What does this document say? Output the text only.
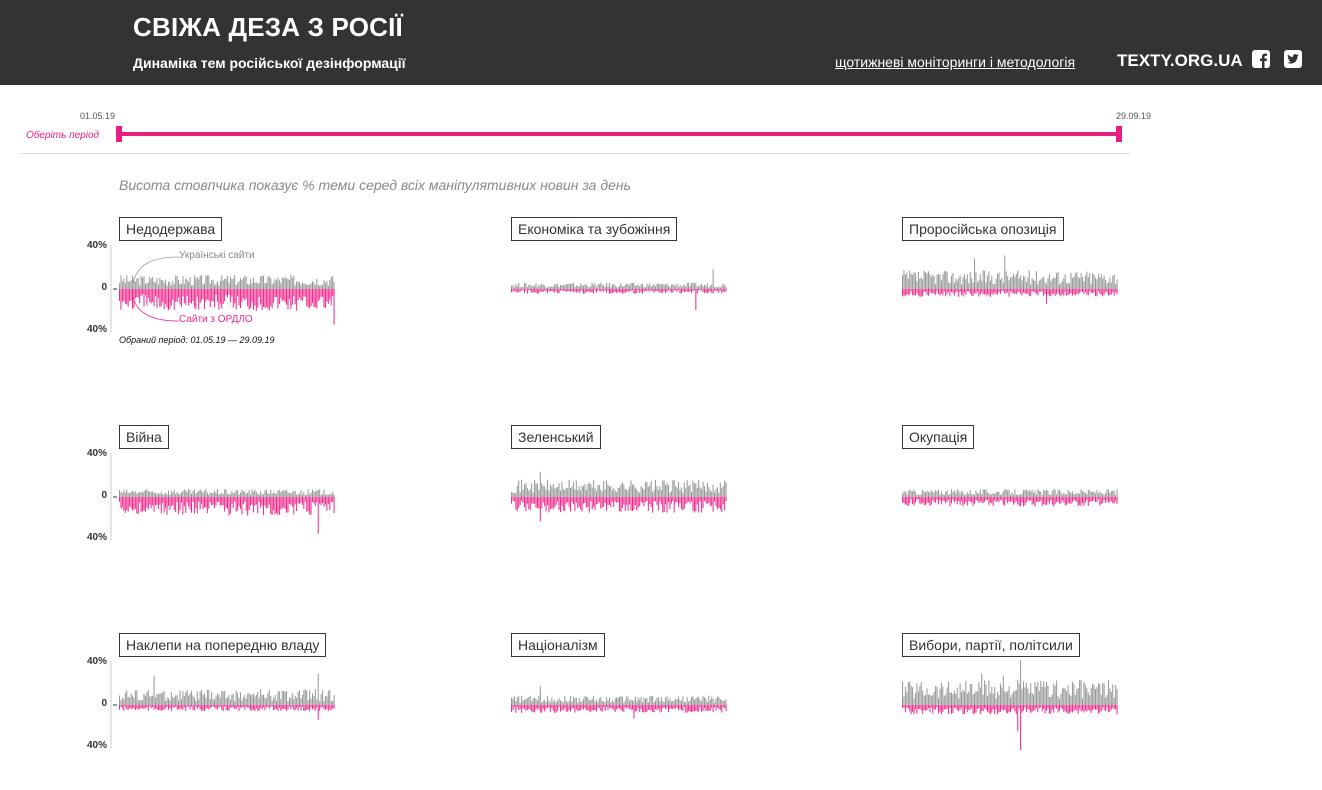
СВІЖА ДЕЗА З РОСІЇ
Динаміка тем російської дезінформації	щотижневі моніторинги і методологія TEXTY.ORG.UA
01.05.19	29.09.19
Оберіть період
Висота стовпчика показує % теми серед всіх маніпулятивних новин за день
Недодержава
40%
0
40%
Українські сайти
Сайти з ОРДЛО
Обраний період: 01.05.19 — 29.09.19
Економіка та зубожіння	Проросійська опозиція
Війна
40%
0
40%
Зеленський	Окупація
Наклепи на попередню владу
40%
0
40%
Націоналізм	Вибори, партії, політсили
